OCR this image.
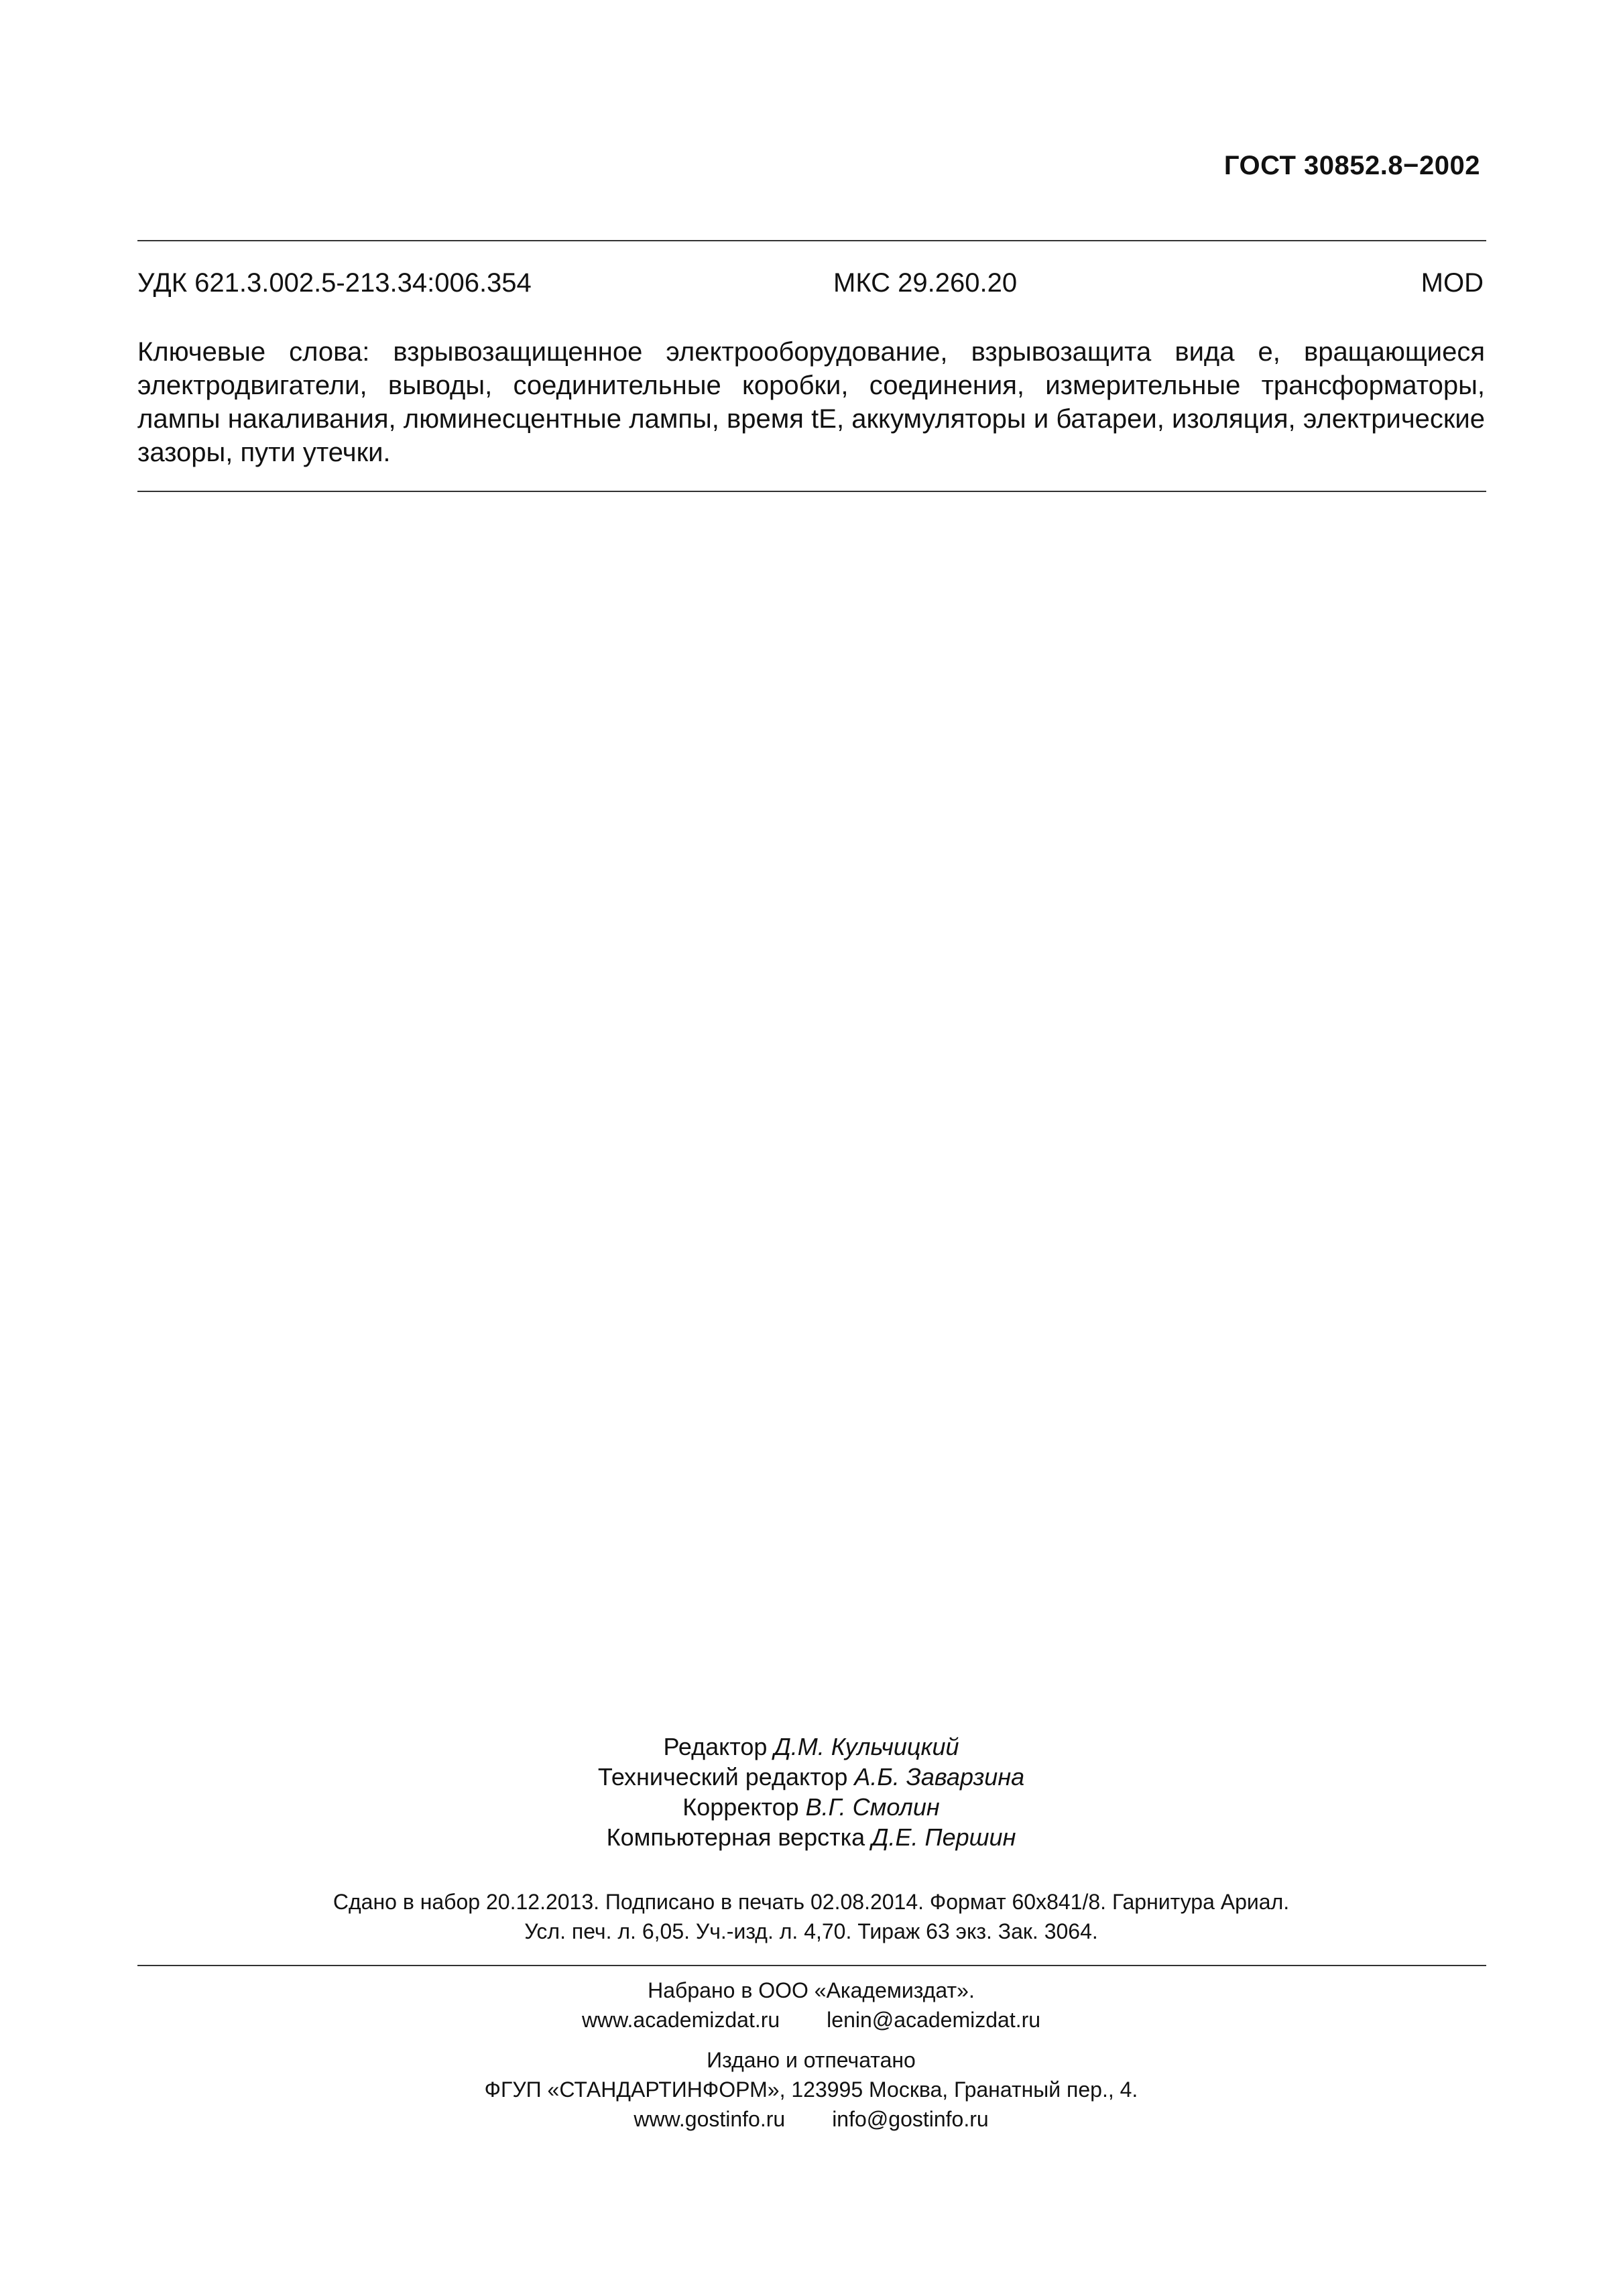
ГОСТ 30852.8−2002
УДК 621.3.002.5-213.34:006.354	МКС 29.260.20	MOD

Ключевые слова: взрывозащищенное электрооборудование, взрывозащита вида е, вращающиеся электродвигатели, выводы, соединительные коробки, соединения, измерительные трансформаторы, лампы накаливания, люминесцентные лампы, время tE, аккумуляторы и батареи, изоляция, электрические зазоры, пути утечки.

Редактор Д.М. Кульчицкий
Технический редактор А.Б. Заварзина
Корректор В.Г. Смолин
Компьютерная верстка Д.Е. Першин
Сдано в набор 20.12.2013. Подписано в печать 02.08.2014. Формат 60х841/8. Гарнитура Ариал.
Усл. печ. л. 6,05. Уч.-изд. л. 4,70. Тираж 63 экз. Зак. 3064.
Набрано в ООО «Академиздат».
www.academizdat.ru lenin@academizdat.ru
Издано и отпечатано
ФГУП «СТАНДАРТИНФОРМ», 123995 Москва, Гранатный пер., 4.
www.gostinfo.ru info@gostinfo.ru
